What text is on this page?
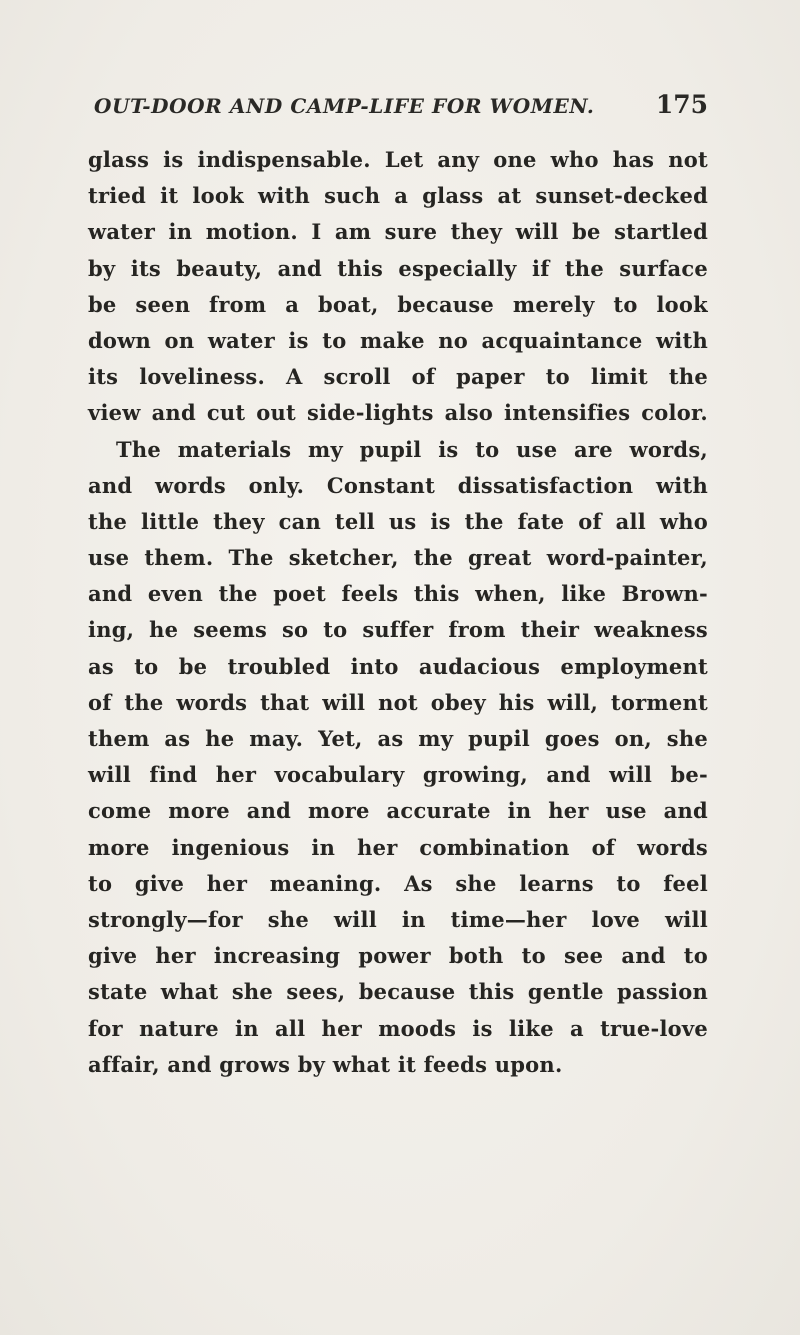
OUT-DOOR AND CAMP-LIFE FOR WOMEN. 175
glass is indispensable. Let any one who has not
tried it look with such a glass at sunset-decked
water in motion. I am sure they will be startled
by its beauty, and this especially if the surface
be seen from a boat, because merely to look
down on water is to make no acquaintance with
its loveliness. A scroll of paper to limit the
view and cut out side-lights also intensifies color.
The materials my pupil is to use are words,
and words only. Constant dissatisfaction with
the little they can tell us is the fate of all who
use them. The sketcher, the great word-painter,
and even the poet feels this when, like Brown-
ing, he seems so to suffer from their weakness
as to be troubled into audacious employment
of the words that will not obey his will, torment
them as he may. Yet, as my pupil goes on, she
will find her vocabulary growing, and will be-
come more and more accurate in her use and
more ingenious in her combination of words
to give her meaning. As she learns to feel
strongly—for she will in time—her love will
give her increasing power both to see and to
state what she sees, because this gentle passion
for nature in all her moods is like a true-love
affair, and grows by what it feeds upon.
